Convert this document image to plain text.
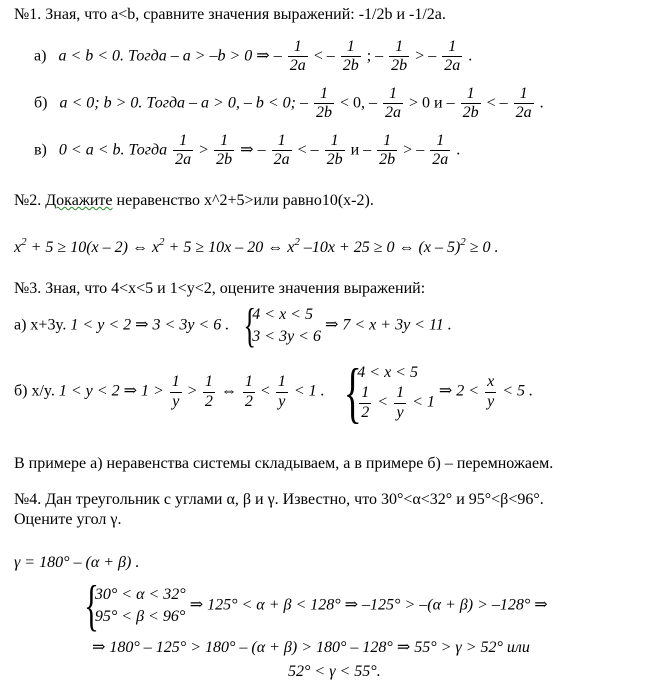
№1. Зная, что a<b, сравните значения выражений: -1/2b и -1/2a.
а) a < b < 0. Тогда – a > –b > 0 ⇒ – $\frac{1}{2a}$ < – $\frac{1}{2b}$ ; – $\frac{1}{2b}$ > – $\frac{1}{2a}$ .
б) a < 0; b > 0. Тогда – a > 0, – b < 0; – $\frac{1}{2b} < 0$, – $\frac{1}{2a} > 0$ и – $\frac{1}{2b}$ < – $\frac{1}{2a}$ .
в) 0 < a < b. Тогда $\frac{1}{2a} > \frac{1}{2b}$ ⇒ – $\frac{1}{2a}$ < – $\frac{1}{2b}$ и – $\frac{1}{2b}$ > – $\frac{1}{2a}$ .
№2. Докажите неравенство x^2+5>или равно10(x-2).
$x^2 + 5 \ge 10(x - 2)$ ⇔ $x^2 + 5 \ge 10x - 20$ ⇔ $x^2$ –10x + 25 ≥ 0 ⇔ (x – 5)$^2$ ≥ 0 .
№3. Зная, что 4<x<5 и 1<y<2, оцените значения выражений:
а) x+3y. 1 < y < 2 ⇒ 3 < 3y < 6 . {
4 < x < 5
3 < 3y < 6
⇒ 7 < x + 3y < 11 .
б) x/y. 1 < y < 2 ⇒ $1 > \frac{1}{y} > \frac{1}{2}$ ⇔ $\frac{1}{2} < \frac{1}{y} < 1$ . {
4 < x < 5
$\frac{1}{2} < \frac{1}{y} < 1$
⇒ $2 < \frac{x}{y} < 5$ .
В примере а) неравенства системы складываем, а в примере б) – перемножаем.
№4. Дан треугольник с углами α, β и γ. Известно, что 30°<α<32° и 95°<β<96°.
Оцените угол γ.
γ = 180° – (α + β) .
{
30° < α < 32°
95° < β < 96°
⇒ 125° < α + β < 128° ⇒ –125° > –(α + β) > –128° ⇒
⇒ 180° – 125° > 180° – (α + β) > 180° – 128° ⇒ 55° > γ > 52° или
52° < γ < 55°.
